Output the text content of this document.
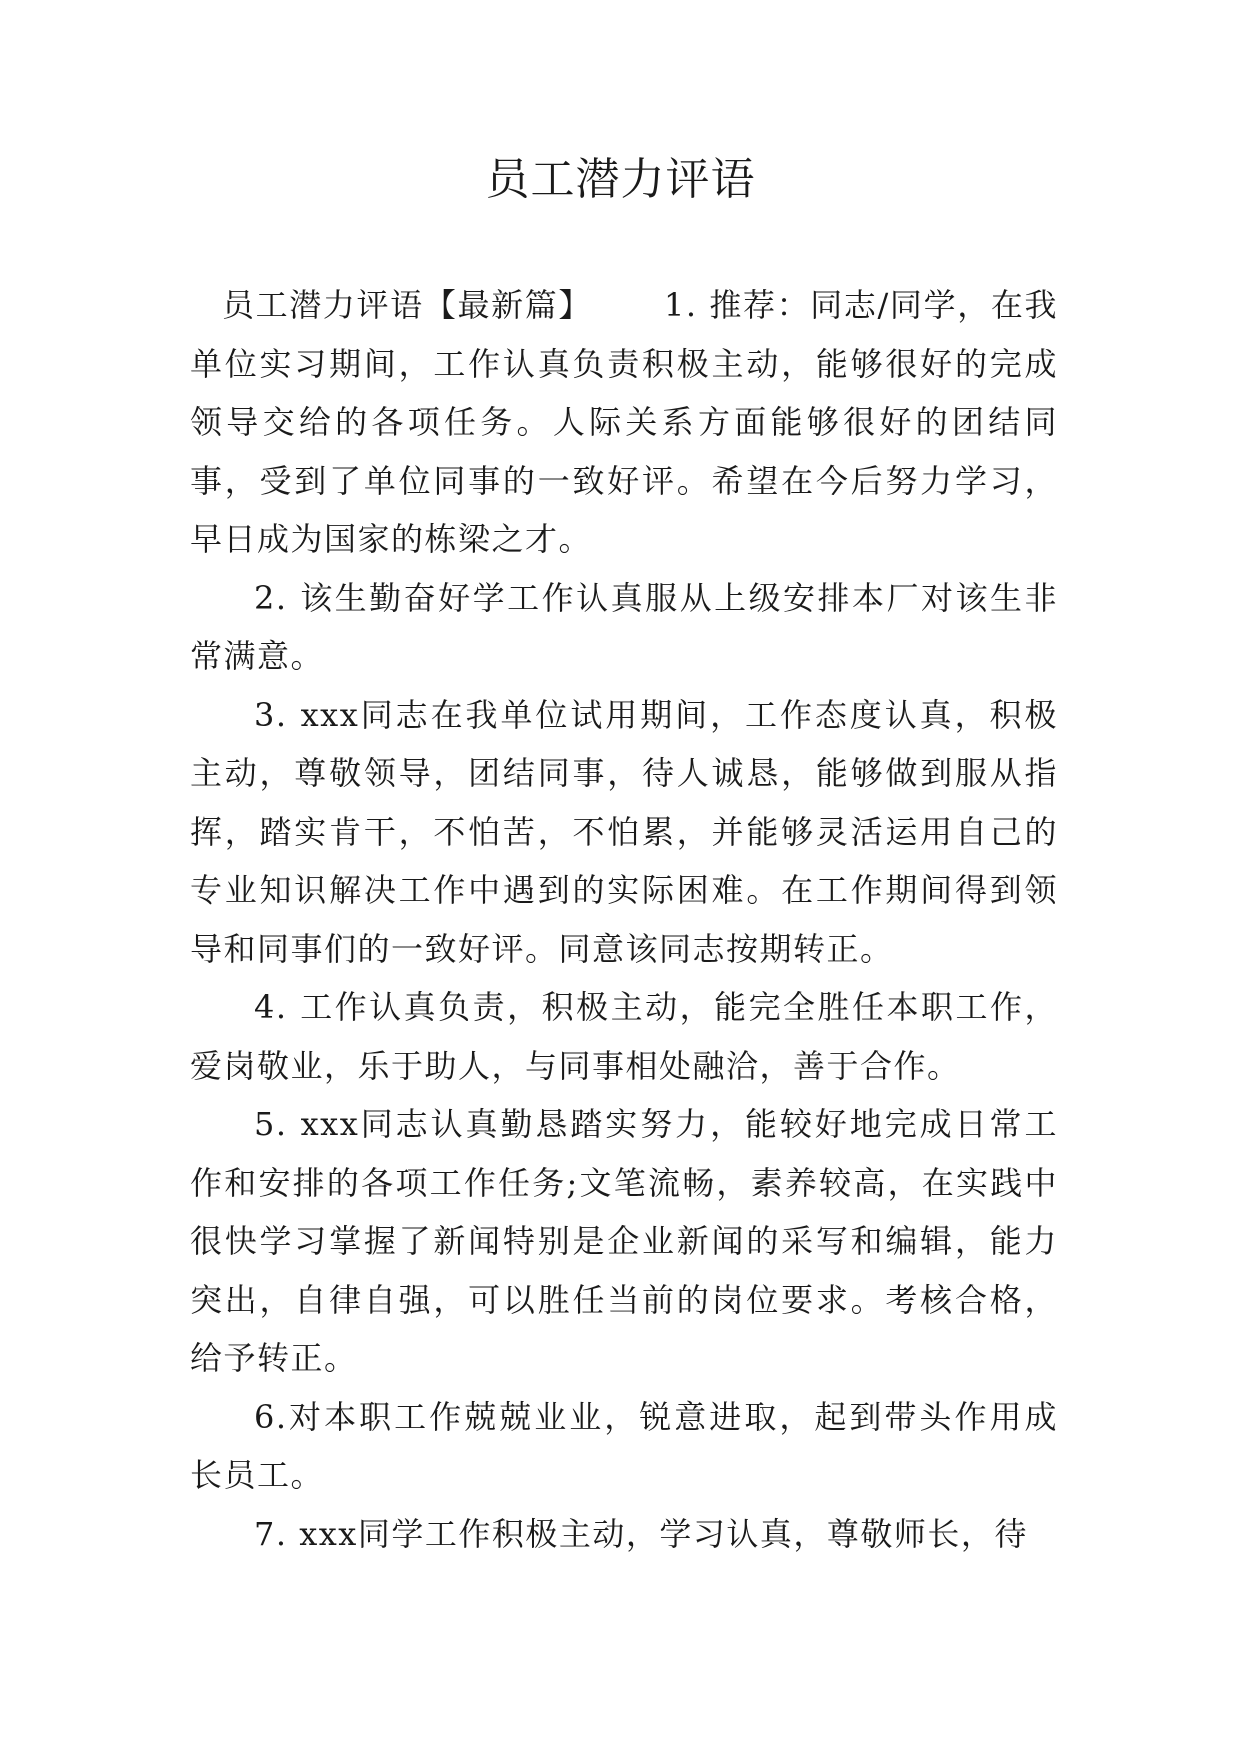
员工潜力评语

员工潜力评语【最新篇】 1. 推荐：同志/同学，在我单位实习期间，工作认真负责积极主动，能够很好的完成领导交给的各项任务。人际关系方面能够很好的团结同事，受到了单位同事的一致好评。希望在今后努力学习，早日成为国家的栋梁之才。

2. 该生勤奋好学工作认真服从上级安排本厂对该生非常满意。

3. xxx同志在我单位试用期间，工作态度认真，积极主动，尊敬领导，团结同事，待人诚恳，能够做到服从指挥，踏实肯干，不怕苦，不怕累，并能够灵活运用自己的专业知识解决工作中遇到的实际困难。在工作期间得到领导和同事们的一致好评。同意该同志按期转正。

4. 工作认真负责，积极主动，能完全胜任本职工作，爱岗敬业，乐于助人，与同事相处融洽，善于合作。

5. xxx同志认真勤恳踏实努力，能较好地完成日常工作和安排的各项工作任务;文笔流畅，素养较高，在实践中很快学习掌握了新闻特别是企业新闻的采写和编辑，能力突出，自律自强，可以胜任当前的岗位要求。考核合格，给予转正。

6.对本职工作兢兢业业，锐意进取，起到带头作用成长员工。

7. xxx同学工作积极主动，学习认真，尊敬师长，待
